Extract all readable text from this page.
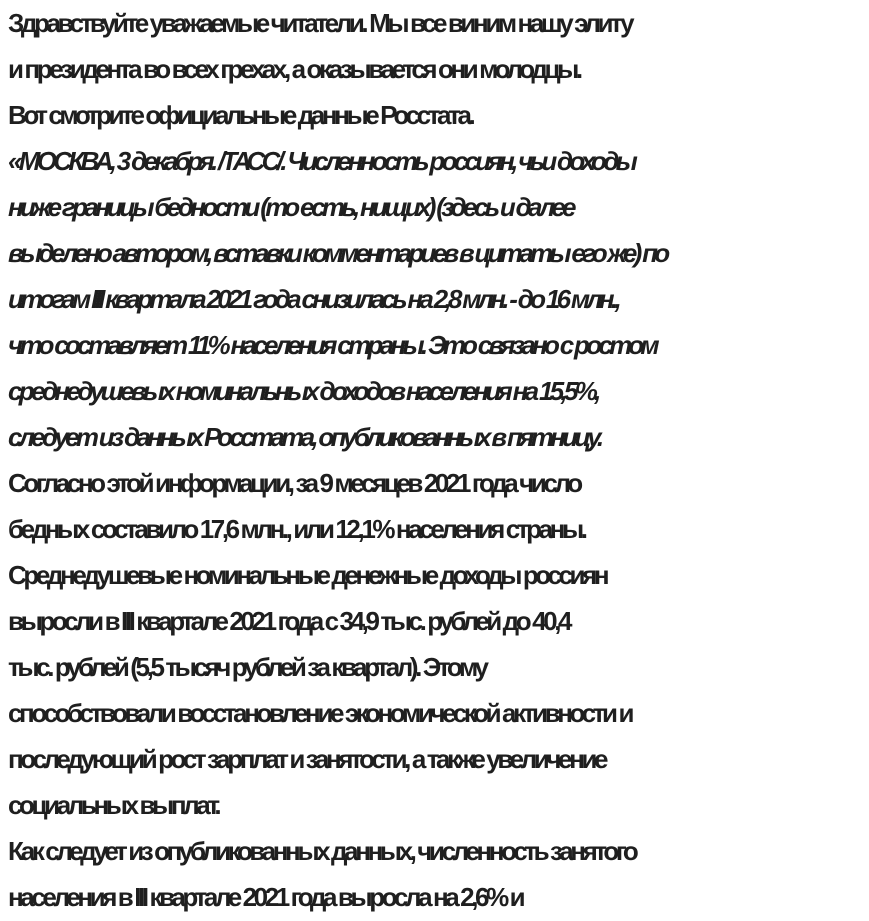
Здравствуйте уважаемые читатели. Мы все виним нашу элиту
и президента во всех грехах, а оказывается они молодцы.
Вот смотрите официальные данные Росстата.
«МОСКВА, 3 декабря. /ТАСС/. Численность россиян, чьи доходы
ниже границы бедности (то есть, нищих) (здесь и далее
выделено автором, вставки комментариев в цитаты его же) по
итогам III квартала 2021 года снизилась на 2,8 млн. - до 16 млн.,
что составляет 11% населения страны. Это связано с ростом
среднедушевых номинальных доходов населения на 15,5%,
следует из данных Росстата, опубликованных в пятницу.
Согласно этой информации, за 9 месяцев 2021 года число
бедных составило 17,6 млн., или 12,1% населения страны.
Среднедушевые номинальные денежные доходы россиян
выросли в III квартале 2021 года с 34,9 тыс. рублей до 40,4
тыс. рублей (5,5 тысяч рублей за квартал). Этому
способствовали восстановление экономической активности и
последующий рост зарплат и занятости, а также увеличение
социальных выплат.
Как следует из опубликованных данных, численность занятого
населения в III квартале 2021 года выросла на 2,6% и
